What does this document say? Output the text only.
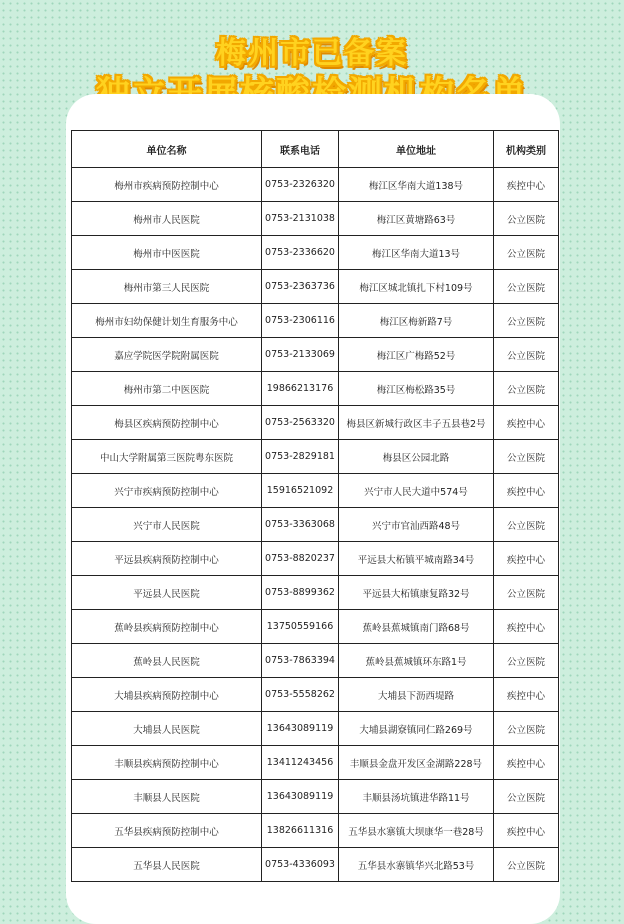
梅州市已备案
单位名称	联系电话	单位地址	机构类别
梅州市疾病预防控制中心	0753-2326320	梅江区华南大道138号	疾控中心
梅州市人民医院	0753-2131038	梅江区黄塘路63号	公立医院
梅州市中医医院	0753-2336620	梅江区华南大道13号	公立医院
梅州市第三人民医院	0753-2363736	梅江区城北镇扎下村109号	公立医院
梅州市妇幼保健计划生育服务中心	0753-2306116	梅江区梅新路7号	公立医院
嘉应学院医学院附属医院	0753-2133069	梅江区广梅路52号	公立医院
梅州市第二中医医院	19866213176	梅江区梅松路35号	公立医院
梅县区疾病预防控制中心	0753-2563320	梅县区新城行政区丰子五县巷2号	疾控中心
中山大学附属第三医院粤东医院	0753-2829181	梅县区公园北路	公立医院
兴宁市疾病预防控制中心	15916521092	兴宁市人民大道中574号	疾控中心
兴宁市人民医院	0753-3363068	兴宁市官汕西路48号	公立医院
平远县疾病预防控制中心	0753-8820237	平远县大柘镇平城南路34号	疾控中心
平远县人民医院	0753-8899362	平远县大柘镇康复路32号	公立医院
蕉岭县疾病预防控制中心	13750559166	蕉岭县蕉城镇南门路68号	疾控中心
蕉岭县人民医院	0753-7863394	蕉岭县蕉城镇环东路1号	公立医院
大埔县疾病预防控制中心	0753-5558262	大埔县下沥西堤路	疾控中心
大埔县人民医院	13643089119	大埔县湖寮镇同仁路269号	公立医院
丰顺县疾病预防控制中心	13411243456	丰顺县金盘开发区金湖路228号	疾控中心
丰顺县人民医院	13643089119	丰顺县汤坑镇进华路11号	公立医院
五华县疾病预防控制中心	13826611316	五华县水寨镇大坝康华一巷28号	疾控中心
五华县人民医院	0753-4336093	五华县水寨镇华兴北路53号	公立医院
